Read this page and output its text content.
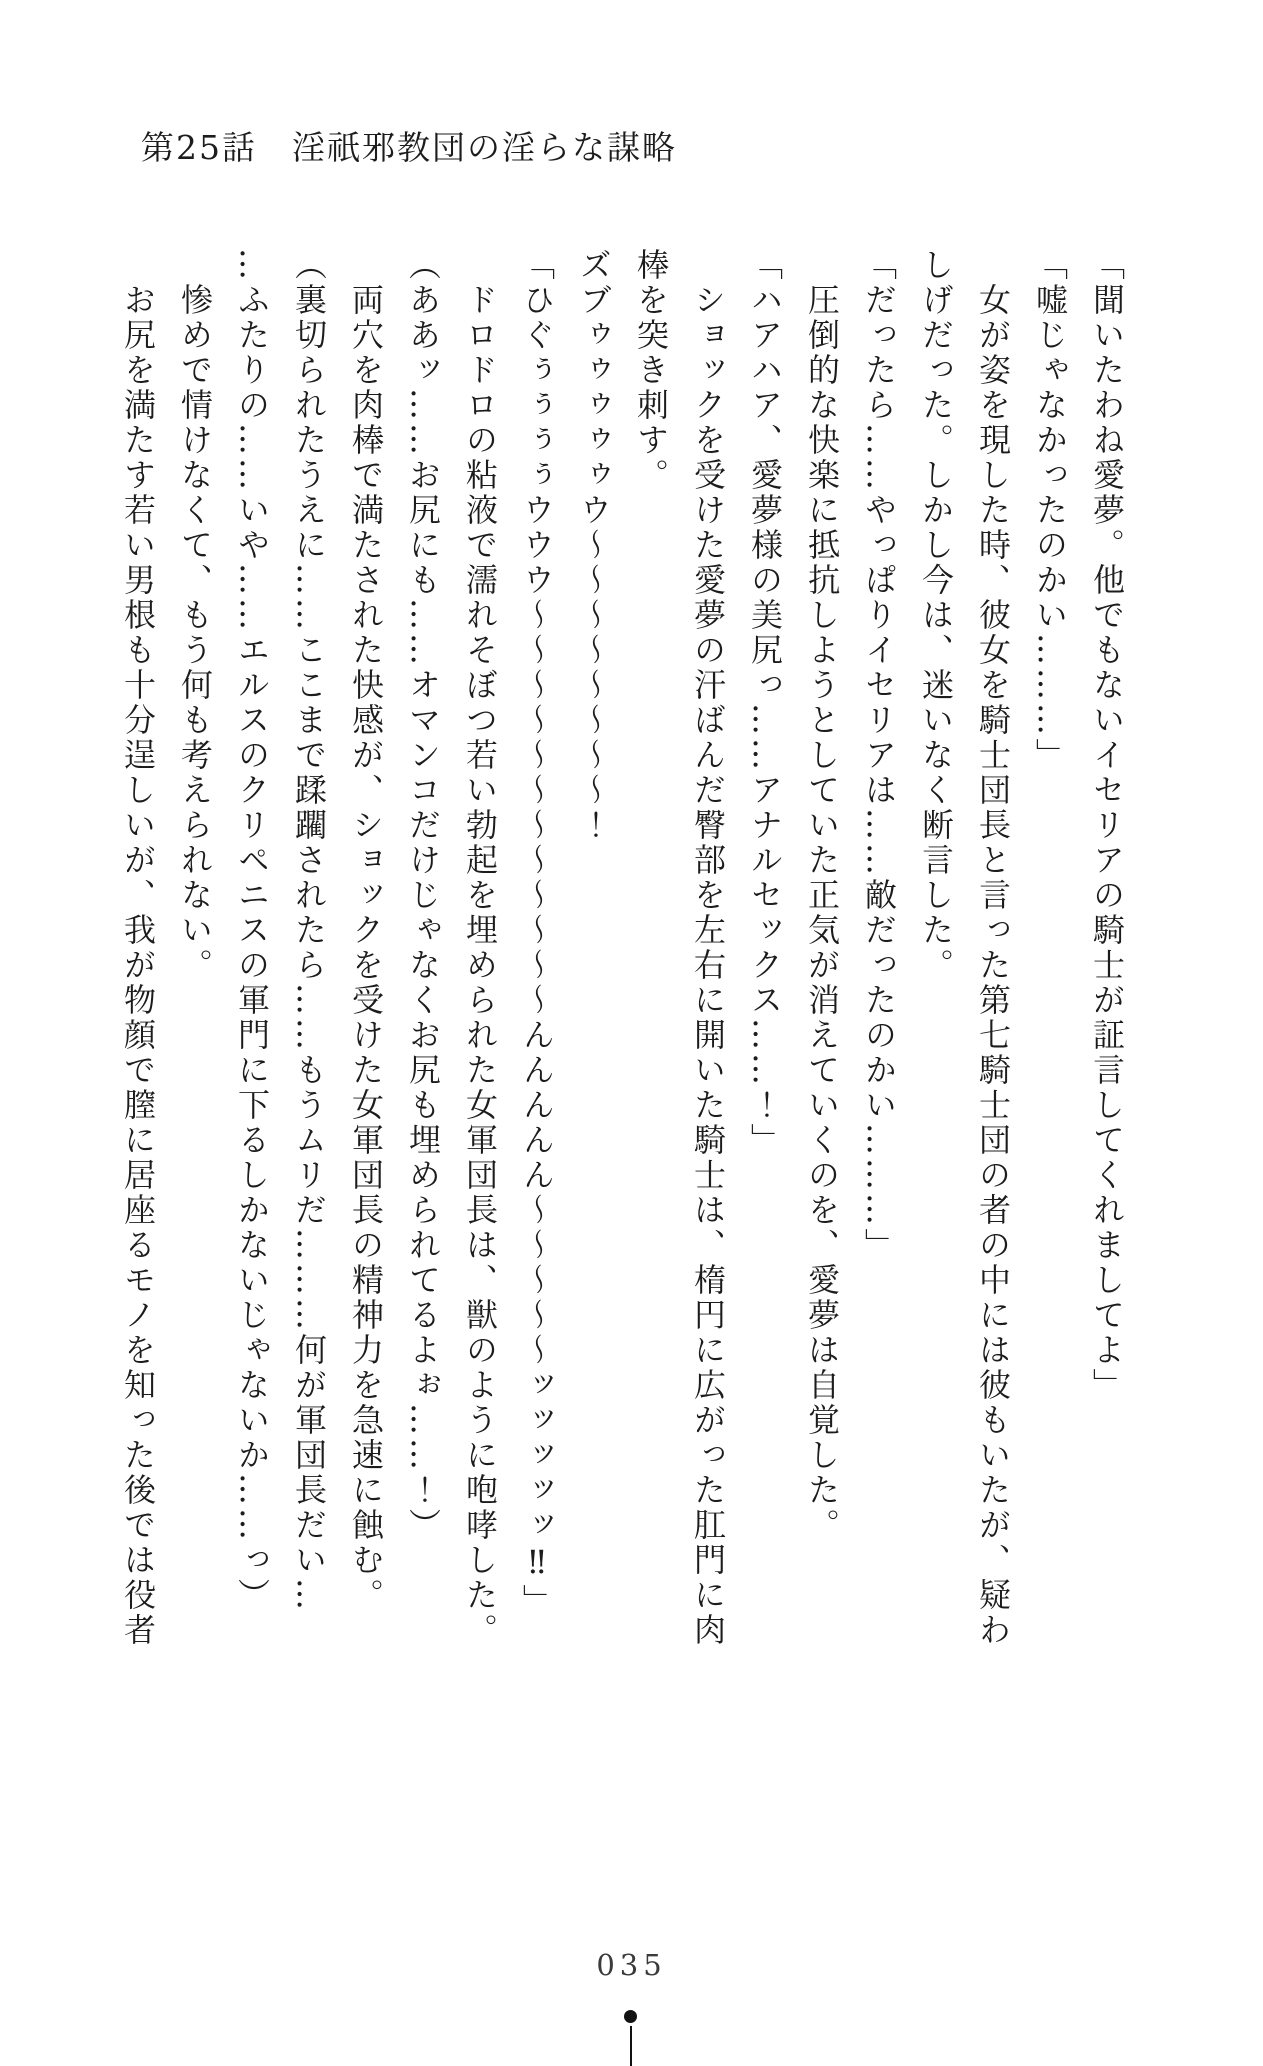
第25話　淫祇邪教団の淫らな謀略
「聞いたわね愛夢。他でもないイセリアの騎士が証言してくれましてよ」
「嘘じゃなかったのかい………」
　女が姿を現した時、彼女を騎士団長と言った第七騎士団の者の中には彼もいたが、疑わ
しげだった。しかし今は、迷いなく断言した。
「だったら……やっぱりイセリアは……敵だったのかい………」
　圧倒的な快楽に抵抗しようとしていた正気が消えていくのを、愛夢は自覚した。
「ハアハア、愛夢様の美尻っ……アナルセックス……！」
　ショックを受けた愛夢の汗ばんだ臀部を左右に開いた騎士は、楕円に広がった肛門に肉
棒を突き刺す。
ズブゥゥゥゥゥウ〜〜〜〜〜〜〜〜！
「ひぐぅぅぅぅウウウ〜〜〜〜〜〜〜〜〜〜〜〜んんんんん〜〜〜〜〜ッッッッッ‼」
　ドロドロの粘液で濡れそぼつ若い勃起を埋められた女軍団長は、獣のように咆哮した。
（ああッ……お尻にも……オマンコだけじゃなくお尻も埋められてるよぉ……！）
　両穴を肉棒で満たされた快感が、ショックを受けた女軍団長の精神力を急速に蝕む。
（裏切られたうえに……ここまで蹂躙されたら……もうムリだ………何が軍団長だい…
…ふたりの……いや……エルスのクリペニスの軍門に下るしかないじゃないか……っ）
　惨めで情けなくて、もう何も考えられない。
　お尻を満たす若い男根も十分逞しいが、我が物顔で膣に居座るモノを知った後では役者
035
